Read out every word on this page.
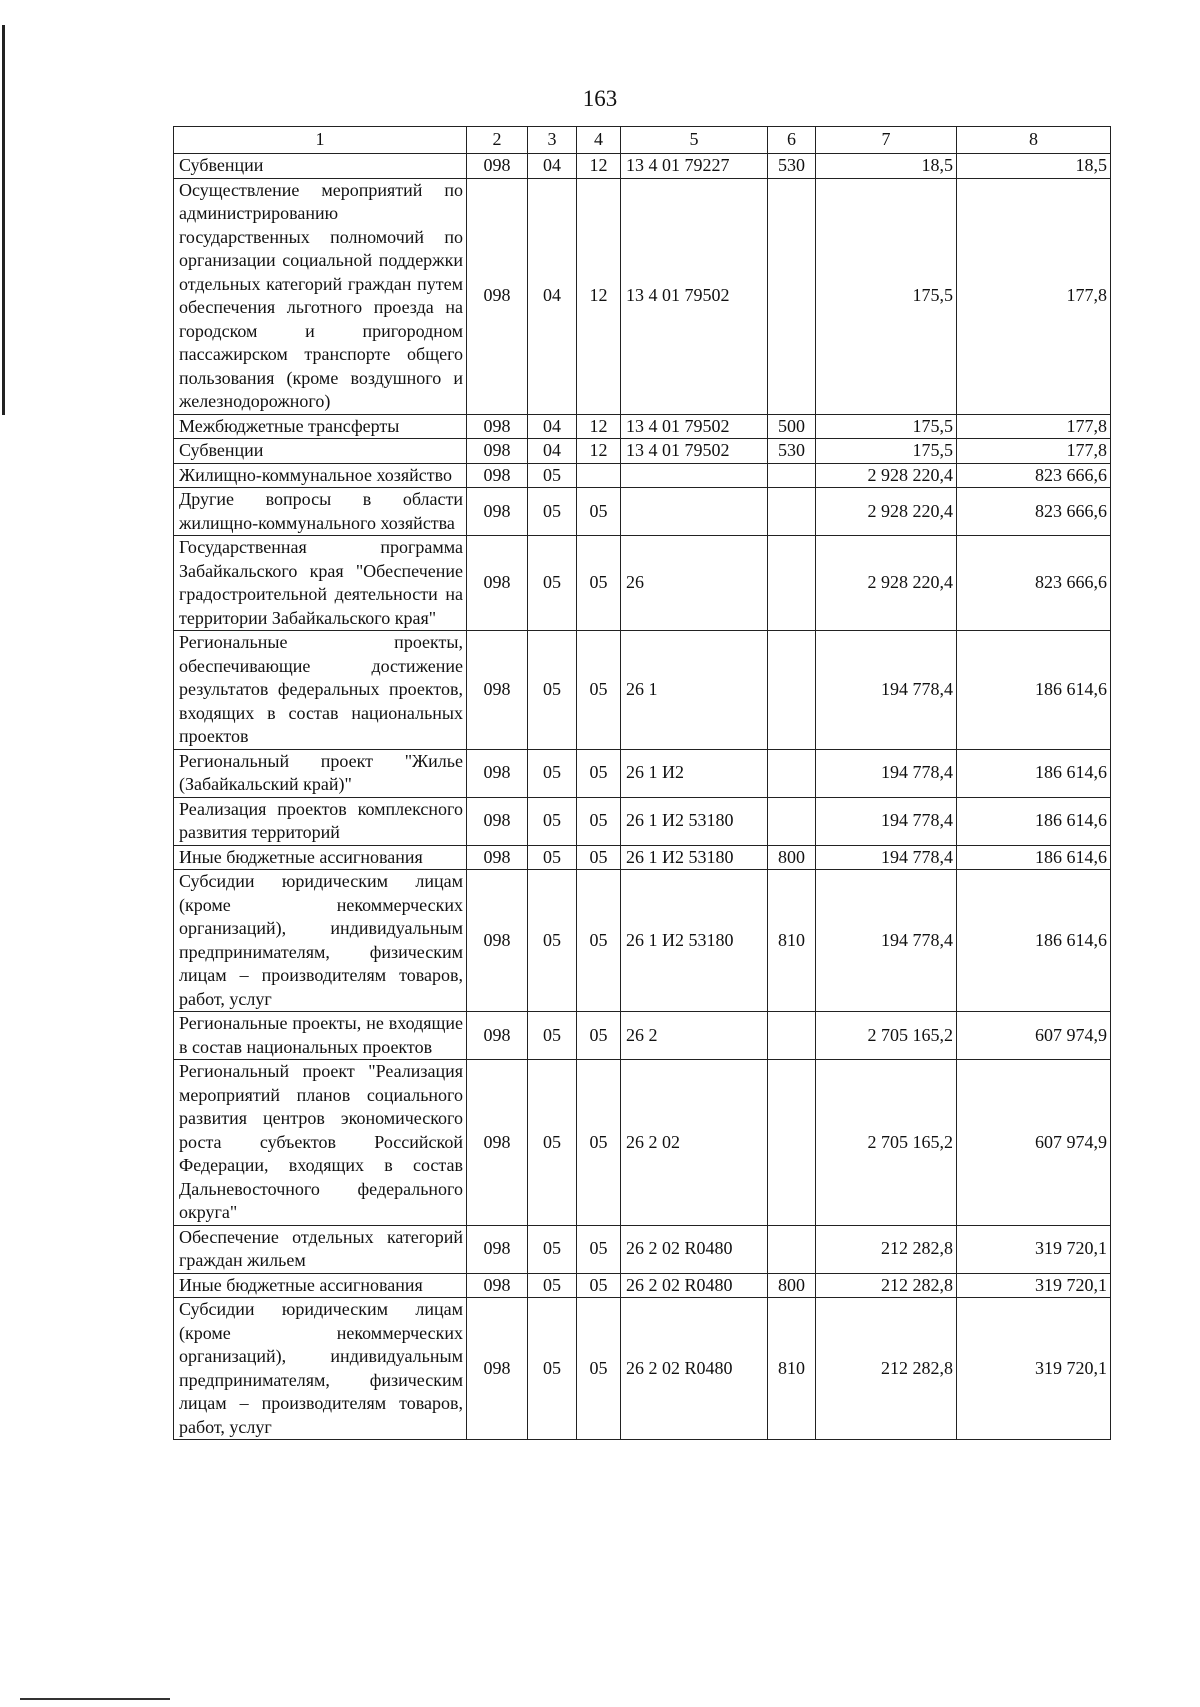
163
1	2	3	4	5	6	7	8
Субвенции	098	04	12	13 4 01 79227	530	18,5	18,5
Осуществление мероприятий по администрированию государственных полномочий по организации социальной поддержки отдельных категорий граждан путем обеспечения льготного проезда на городском и пригородном пассажирском транспорте общего пользования (кроме воздушного и железнодорожного)	098	04	12	13 4 01 79502		175,5	177,8
Межбюджетные трансферты	098	04	12	13 4 01 79502	500	175,5	177,8
Субвенции	098	04	12	13 4 01 79502	530	175,5	177,8
Жилищно-коммунальное хозяйство	098	05				2 928 220,4	823 666,6
Другие вопросы в области жилищно-коммунального хозяйства	098	05	05			2 928 220,4	823 666,6
Государственная программа Забайкальского края "Обеспечение градостроительной деятельности на территории Забайкальского края"	098	05	05	26		2 928 220,4	823 666,6
Региональные проекты, обеспечивающие достижение результатов федеральных проектов, входящих в состав национальных проектов	098	05	05	26 1		194 778,4	186 614,6
Региональный проект "Жилье (Забайкальский край)"	098	05	05	26 1 И2		194 778,4	186 614,6
Реализация проектов комплексного развития территорий	098	05	05	26 1 И2 53180		194 778,4	186 614,6
Иные бюджетные ассигнования	098	05	05	26 1 И2 53180	800	194 778,4	186 614,6
Субсидии юридическим лицам (кроме некоммерческих организаций), индивидуальным предпринимателям, физическим лицам – производителям товаров, работ, услуг	098	05	05	26 1 И2 53180	810	194 778,4	186 614,6
Региональные проекты, не входящие в состав национальных проектов	098	05	05	26 2		2 705 165,2	607 974,9
Региональный проект "Реализация мероприятий планов социального развития центров экономического роста субъектов Российской Федерации, входящих в состав Дальневосточного федерального округа"	098	05	05	26 2 02		2 705 165,2	607 974,9
Обеспечение отдельных категорий граждан жильем	098	05	05	26 2 02 R0480		212 282,8	319 720,1
Иные бюджетные ассигнования	098	05	05	26 2 02 R0480	800	212 282,8	319 720,1
Субсидии юридическим лицам (кроме некоммерческих организаций), индивидуальным предпринимателям, физическим лицам – производителям товаров, работ, услуг	098	05	05	26 2 02 R0480	810	212 282,8	319 720,1
